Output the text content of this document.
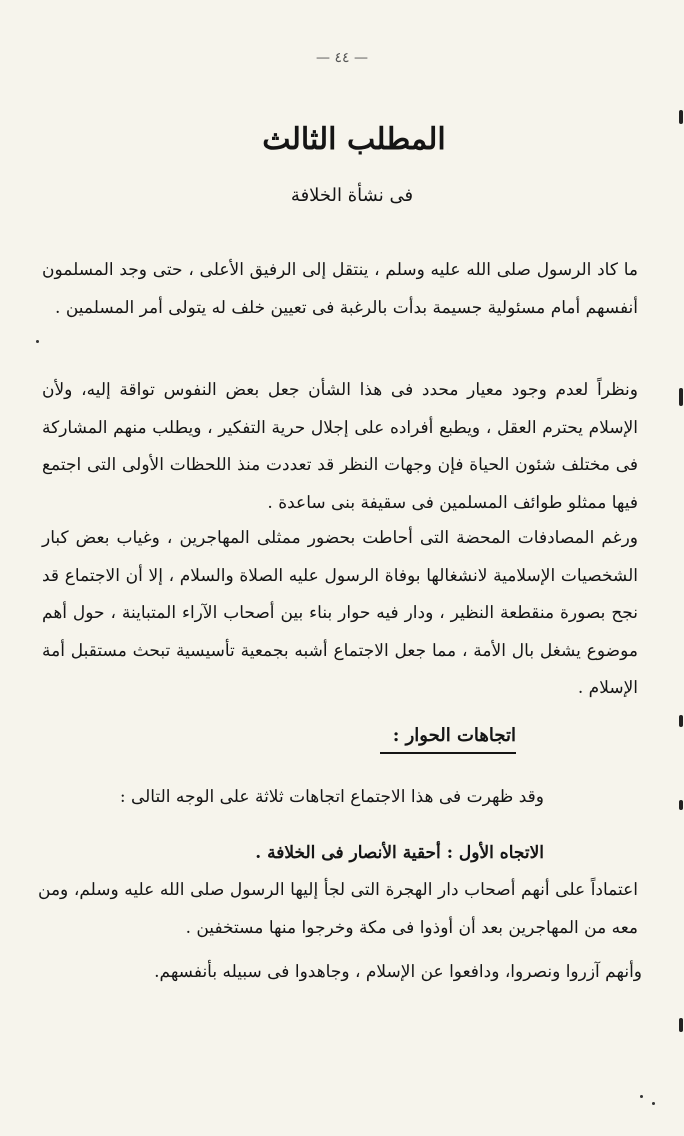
— ٤٤ —
المطلب الثالث
فى نشأة الخلافة

ما كاد الرسول صلى الله عليه وسلم ، ينتقل إلى الرفيق الأعلى ، حتى وجد المسلمون أنفسهم أمام مسئولية جسيمة بدأت بالرغبة فى تعيين خلف له يتولى أمر المسلمين .

ونظراً لعدم وجود معيار محدد فى هذا الشأن جعل بعض النفوس تواقة إليه، ولأن الإسلام يحترم العقل ، ويطبع أفراده على إجلال حرية التفكير ، ويطلب منهم المشاركة فى مختلف شئون الحياة فإن وجهات النظر قد تعددت منذ اللحظات الأولى التى اجتمع فيها ممثلو طوائف المسلمين فى سقيفة بنى ساعدة .

ورغم المصادفات المحضة التى أحاطت بحضور ممثلى المهاجرين ، وغياب بعض كبار الشخصيات الإسلامية لانشغالها بوفاة الرسول عليه الصلاة والسلام ، إلا أن الاجتماع قد نجح بصورة منقطعة النظير ، ودار فيه حوار بناء بين أصحاب الآراء المتباينة ، حول أهم موضوع يشغل بال الأمة ، مما جعل الاجتماع أشبه بجمعية تأسيسية تبحث مستقبل أمة الإسلام .

اتجاهات الحوار :
وقد ظهرت فى هذا الاجتماع اتجاهات ثلاثة على الوجه التالى :
الاتجاه الأول : أحقية الأنصار فى الخلافة .

اعتماداً على أنهم أصحاب دار الهجرة التى لجأ إليها الرسول صلى الله عليه وسلم، ومن معه من المهاجرين بعد أن أوذوا فى مكة وخرجوا منها مستخفين .

وأنهم آزروا ونصروا، ودافعوا عن الإسلام ، وجاهدوا فى سبيله بأنفسهم.
